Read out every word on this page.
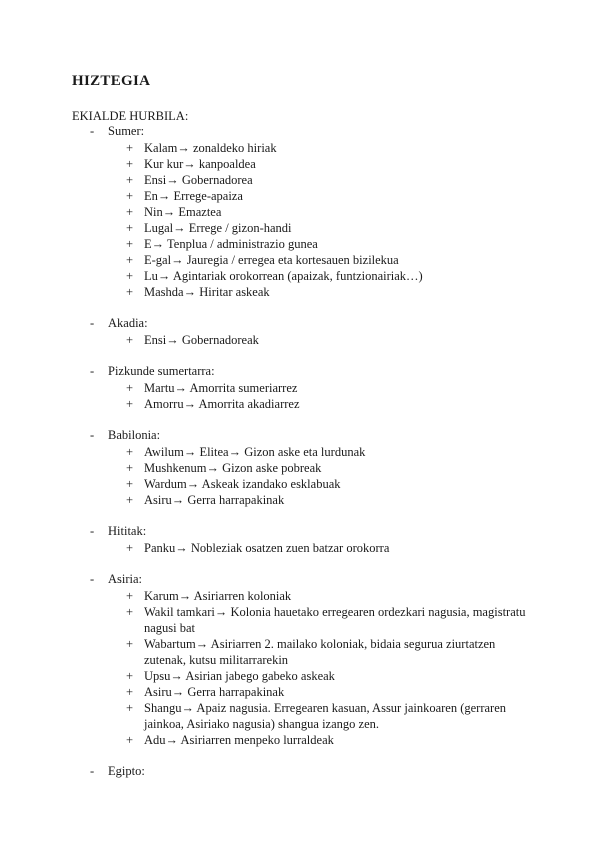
HIZTEGIA
EKIALDE HURBILA:
- Sumer:
+ Kalam→ zonaldeko hiriak
+ Kur kur→ kanpoaldea
+ Ensi→ Gobernadorea
+ En→ Errege-apaiza
+ Nin→ Emaztea
+ Lugal→ Errege / gizon-handi
+ E→ Tenplua / administrazio gunea
+ E-gal→ Jauregia / erregea eta kortesauen bizilekua
+ Lu→ Agintariak orokorrean (apaizak, funtzionairiak…)
+ Mashda→ Hiritar askeak
- Akadia:
+ Ensi→ Gobernadoreak
- Pizkunde sumertarra:
+ Martu→ Amorrita sumeriarrez
+ Amorru→ Amorrita akadiarrez
- Babilonia:
+ Awilum→ Elitea→ Gizon aske eta lurdunak
+ Mushkenum→ Gizon aske pobreak
+ Wardum→ Askeak izandako esklabuak
+ Asiru→ Gerra harrapakinak
- Hititak:
+ Panku→ Nobleziak osatzen zuen batzar orokorra
- Asiria:
+ Karum→ Asiriarren koloniak
+ Wakil tamkari→ Kolonia hauetako erregearen ordezkari nagusia, magistratu nagusi bat
+ Wabartum→ Asiriarren 2. mailako koloniak, bidaia segurua ziurtatzen zutenak, kutsu militarrarekin
+ Upsu→ Asirian jabego gabeko askeak
+ Asiru→ Gerra harrapakinak
+ Shangu→ Apaiz nagusia. Erregearen kasuan, Assur jainkoaren (gerraren jainkoa, Asiriako nagusia) shangua izango zen.
+ Adu→ Asiriarren menpeko lurraldeak
- Egipto:
